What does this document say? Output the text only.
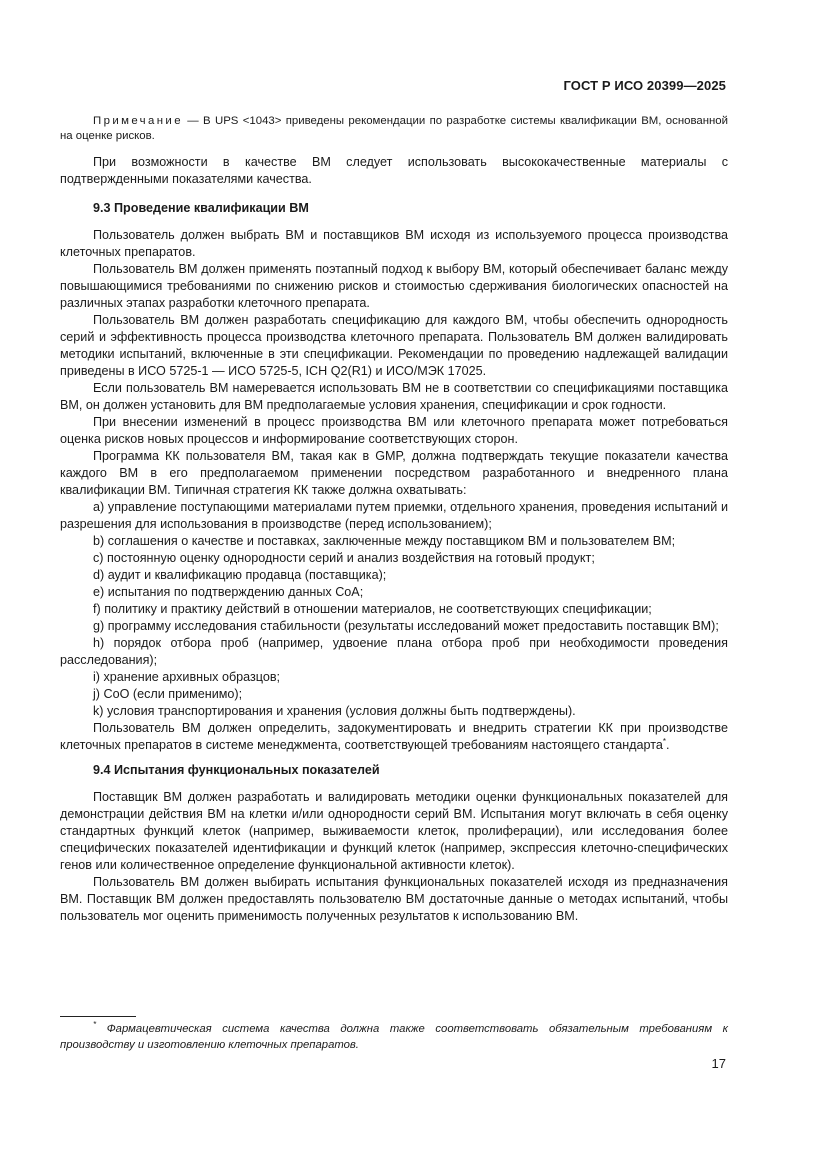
ГОСТ Р ИСО 20399—2025

Примечание — В UPS <1043> приведены рекомендации по разработке системы квалификации ВМ, основанной на оценке рисков.

При возможности в качестве ВМ следует использовать высококачественные материалы с подтвержденными показателями качества.

9.3 Проведение квалификации ВМ

Пользователь должен выбрать ВМ и поставщиков ВМ исходя из используемого процесса производства клеточных препаратов.

Пользователь ВМ должен применять поэтапный подход к выбору ВМ, который обеспечивает баланс между повышающимися требованиями по снижению рисков и стоимостью сдерживания биологических опасностей на различных этапах разработки клеточного препарата.

Пользователь ВМ должен разработать спецификацию для каждого ВМ, чтобы обеспечить однородность серий и эффективность процесса производства клеточного препарата. Пользователь ВМ должен валидировать методики испытаний, включенные в эти спецификации. Рекомендации по проведению надлежащей валидации приведены в ИСО 5725-1 — ИСО 5725-5, ICH Q2(R1) и ИСО/МЭК 17025.

Если пользователь ВМ намеревается использовать ВМ не в соответствии со спецификациями поставщика ВМ, он должен установить для ВМ предполагаемые условия хранения, спецификации и срок годности.

При внесении изменений в процесс производства ВМ или клеточного препарата может потребоваться оценка рисков новых процессов и информирование соответствующих сторон.

Программа КК пользователя ВМ, такая как в GMP, должна подтверждать текущие показатели качества каждого ВМ в его предполагаемом применении посредством разработанного и внедренного плана квалификации ВМ. Типичная стратегия КК также должна охватывать:

а) управление поступающими материалами путем приемки, отдельного хранения, проведения испытаний и разрешения для использования в производстве (перед использованием);

b) соглашения о качестве и поставках, заключенные между поставщиком ВМ и пользователем ВМ;

c) постоянную оценку однородности серий и анализ воздействия на готовый продукт;

d) аудит и квалификацию продавца (поставщика);

e) испытания по подтверждению данных CoA;

f) политику и практику действий в отношении материалов, не соответствующих спецификации;

g) программу исследования стабильности (результаты исследований может предоставить поставщик ВМ);

h) порядок отбора проб (например, удвоение плана отбора проб при необходимости проведения расследования);

i) хранение архивных образцов;

j) CoO (если применимо);

k) условия транспортирования и хранения (условия должны быть подтверждены).

Пользователь ВМ должен определить, задокументировать и внедрить стратегии КК при производстве клеточных препаратов в системе менеджмента, соответствующей требованиям настоящего стандарта*.

9.4 Испытания функциональных показателей

Поставщик ВМ должен разработать и валидировать методики оценки функциональных показателей для демонстрации действия ВМ на клетки и/или однородности серий ВМ. Испытания могут включать в себя оценку стандартных функций клеток (например, выживаемости клеток, пролиферации), или исследования более специфических показателей идентификации и функций клеток (например, экспрессия клеточно-специфических генов или количественное определение функциональной активности клеток).

Пользователь ВМ должен выбирать испытания функциональных показателей исходя из предназначения ВМ. Поставщик ВМ должен предоставлять пользователю ВМ достаточные данные о методах испытаний, чтобы пользователь мог оценить применимость полученных результатов к использованию ВМ.

* Фармацевтическая система качества должна также соответствовать обязательным требованиям к производству и изготовлению клеточных препаратов.
17
